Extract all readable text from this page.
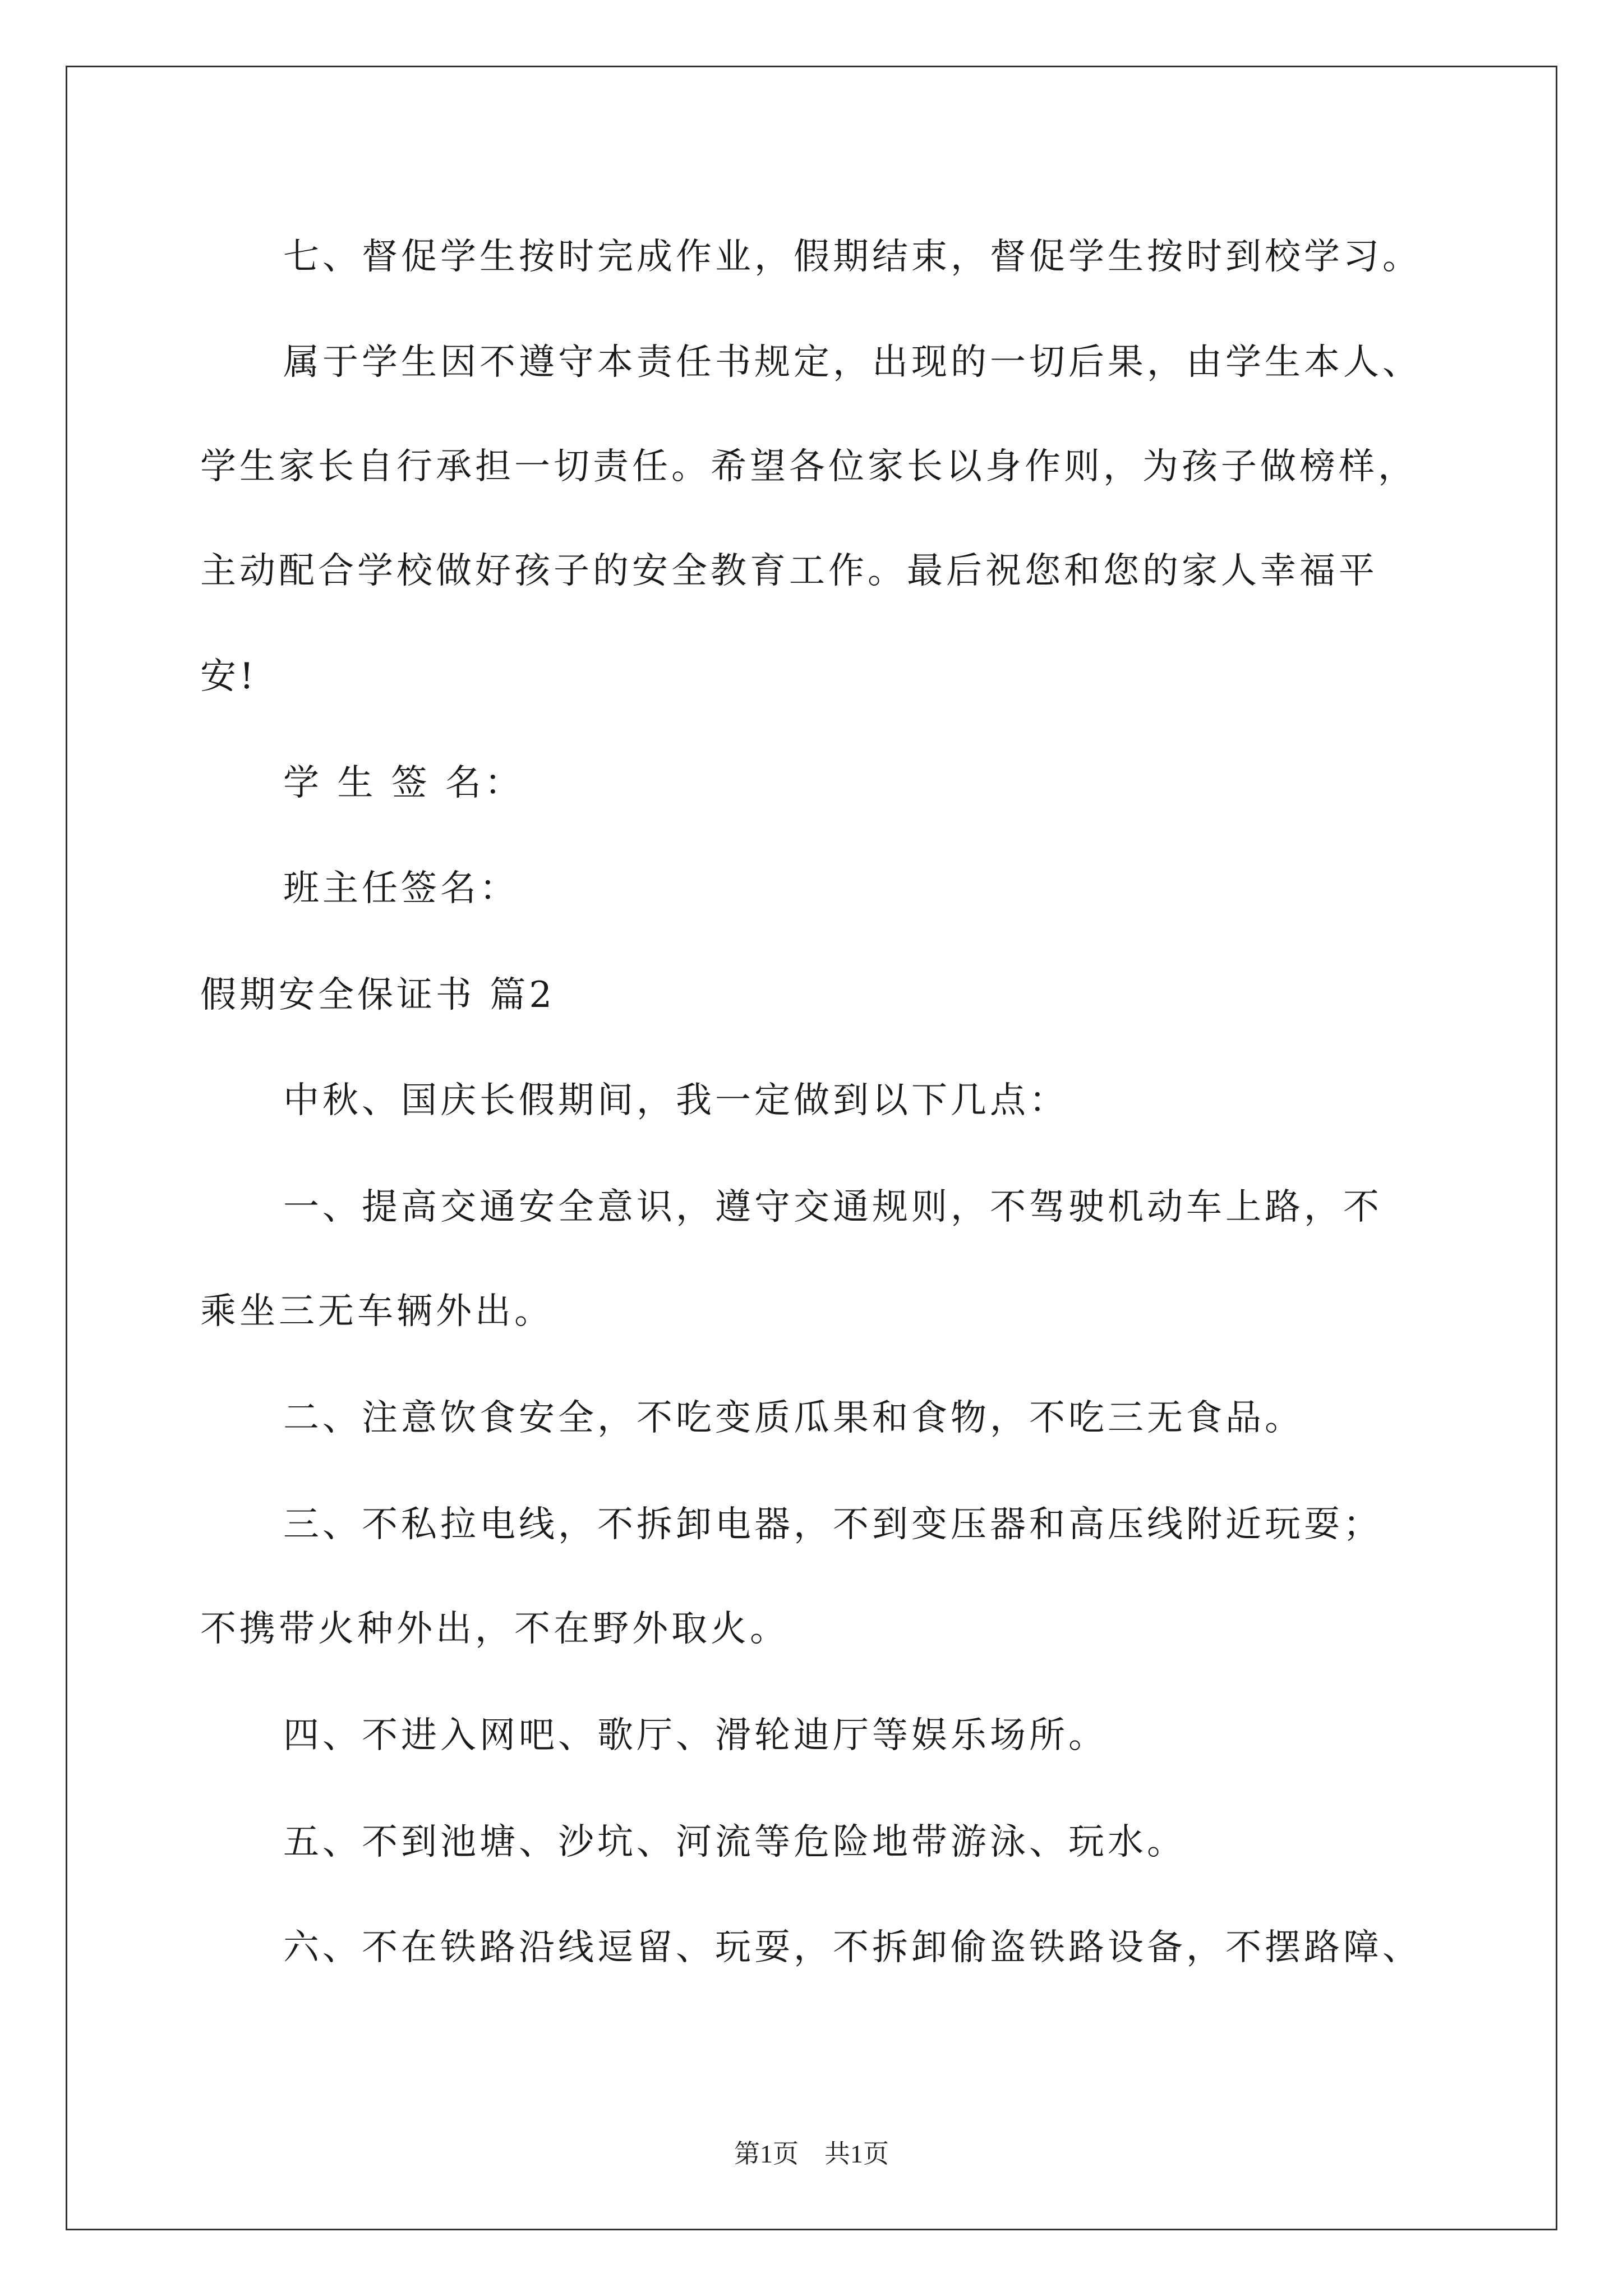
七、督促学生按时完成作业，假期结束，督促学生按时到校学习。
属于学生因不遵守本责任书规定，出现的一切后果，由学生本人、
学生家长自行承担一切责任。希望各位家长以身作则，为孩子做榜样，
主动配合学校做好孩子的安全教育工作。最后祝您和您的家人幸福平
安!
学 生 签 名：
班主任签名：
假期安全保证书 篇2
中秋、国庆长假期间，我一定做到以下几点：
一、提高交通安全意识，遵守交通规则，不驾驶机动车上路，不
乘坐三无车辆外出。
二、注意饮食安全，不吃变质瓜果和食物，不吃三无食品。
三、不私拉电线，不拆卸电器，不到变压器和高压线附近玩耍；
不携带火种外出，不在野外取火。
四、不进入网吧、歌厅、滑轮迪厅等娱乐场所。
五、不到池塘、沙坑、河流等危险地带游泳、玩水。
六、不在铁路沿线逗留、玩耍，不拆卸偷盗铁路设备，不摆路障、
第1页　共1页
